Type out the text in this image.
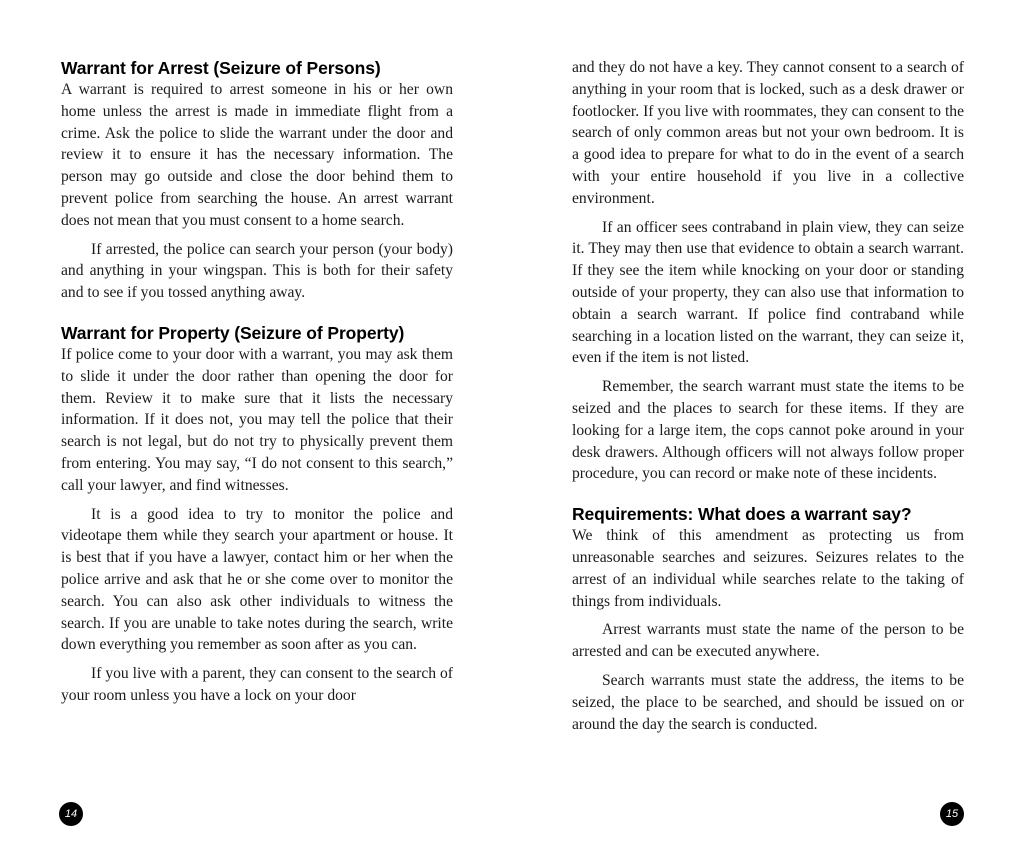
Warrant for Arrest (Seizure of Persons)

A warrant is required to arrest someone in his or her own home unless the arrest is made in immediate flight from a crime. Ask the police to slide the warrant under the door and review it to ensure it has the necessary information. The person may go outside and close the door behind them to prevent police from searching the house. An arrest warrant does not mean that you must consent to a home search.

If arrested, the police can search your person (your body) and anything in your wingspan. This is both for their safety and to see if you tossed anything away.

Warrant for Property (Seizure of Property)

If police come to your door with a warrant, you may ask them to slide it under the door rather than opening the door for them. Review it to make sure that it lists the necessary information. If it does not, you may tell the police that their search is not legal, but do not try to physically prevent them from entering. You may say, “I do not consent to this search,” call your lawyer, and find witnesses.

It is a good idea to try to monitor the police and videotape them while they search your apartment or house. It is best that if you have a lawyer, contact him or her when the police arrive and ask that he or she come over to monitor the search. You can also ask other individuals to witness the search. If you are unable to take notes during the search, write down everything you remember as soon after as you can.

If you live with a parent, they can consent to the search of your room unless you have a lock on your door

14

and they do not have a key. They cannot consent to a search of anything in your room that is locked, such as a desk drawer or footlocker. If you live with roommates, they can consent to the search of only common areas but not your own bedroom. It is a good idea to prepare for what to do in the event of a search with your entire household if you live in a collective environment.

If an officer sees contraband in plain view, they can seize it. They may then use that evidence to obtain a search warrant. If they see the item while knocking on your door or standing outside of your property, they can also use that information to obtain a search warrant. If police find contraband while searching in a location listed on the warrant, they can seize it, even if the item is not listed.

Remember, the search warrant must state the items to be seized and the places to search for these items. If they are looking for a large item, the cops cannot poke around in your desk drawers. Although officers will not always follow proper procedure, you can record or make note of these incidents.

Requirements: What does a warrant say?

We think of this amendment as protecting us from unreasonable searches and seizures. Seizures relates to the arrest of an individual while searches relate to the taking of things from individuals.

Arrest warrants must state the name of the person to be arrested and can be executed anywhere.

Search warrants must state the address, the items to be seized, the place to be searched, and should be issued on or around the day the search is conducted.

15
